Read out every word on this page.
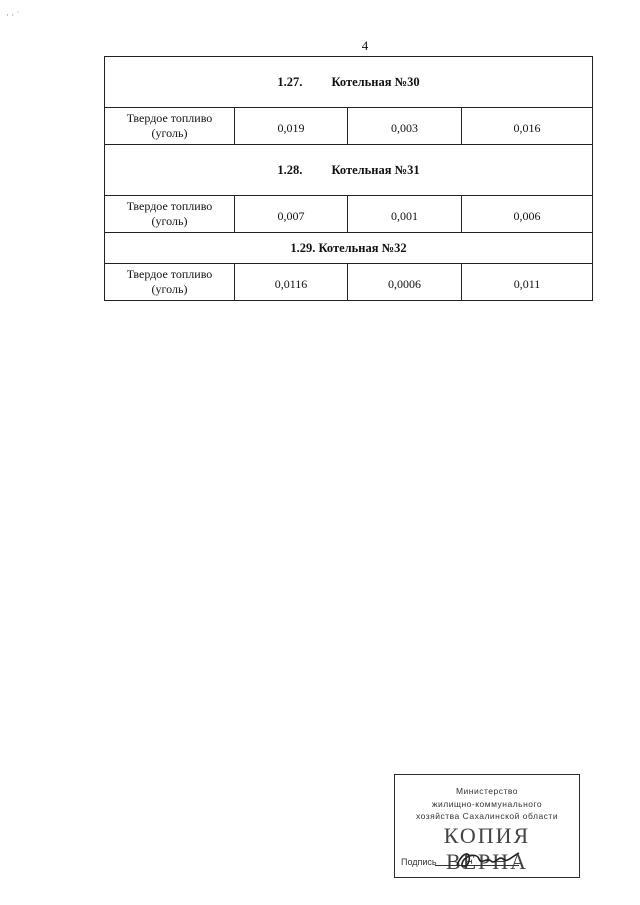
· · ˙
4
1.27. Котельная №30			
Твердое топливо
(уголь)	0,019	0,003	0,016

1.28. Котельная №31			
Твердое топливо
(уголь)	0,007	0,001	0,006

1.29. Котельная №32			
Твердое топливо
(уголь)	0,0116	0,0006	0,011
Министерство
жилищно-коммунального
хозяйства Сахалинской области
КОПИЯ ВЕРНА
Подпись
